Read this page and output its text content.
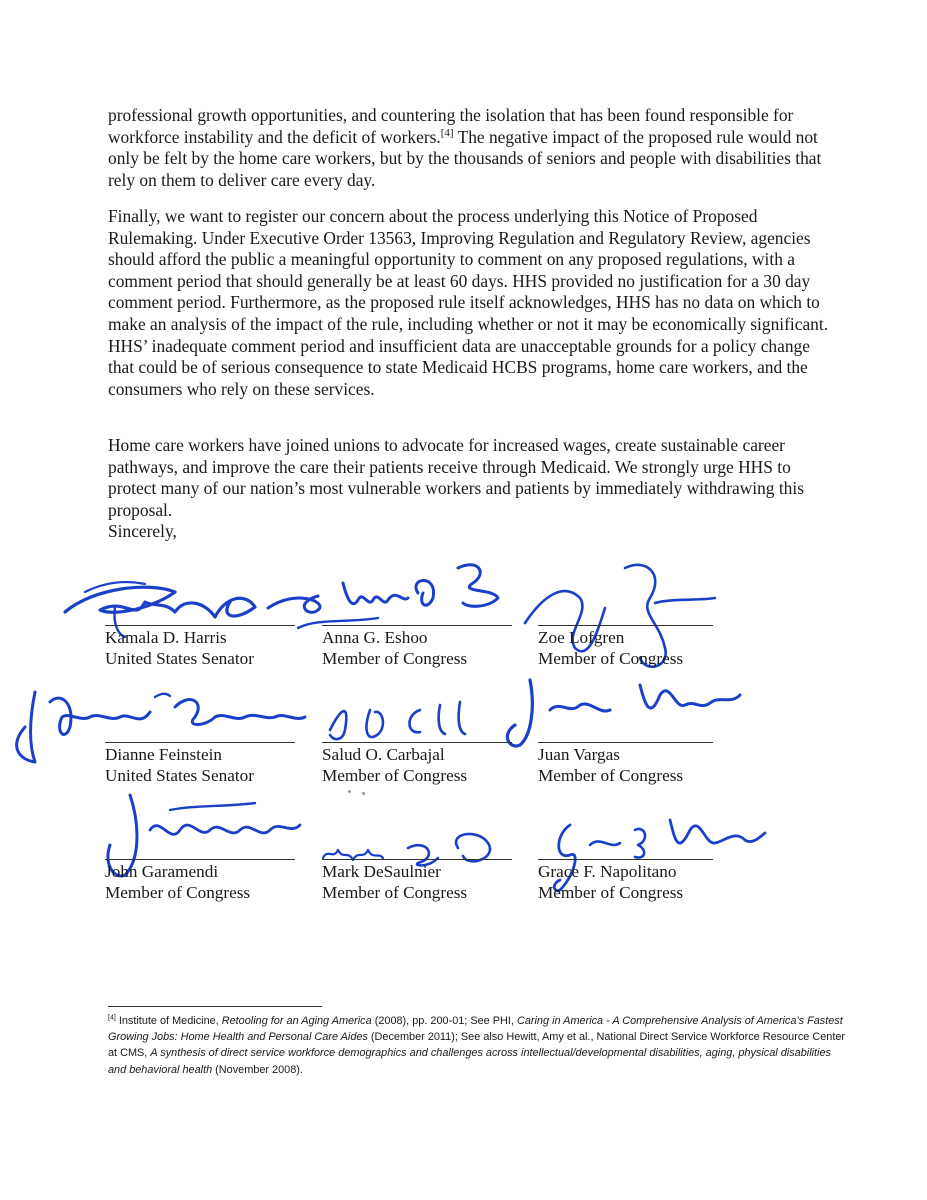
professional growth opportunities, and countering the isolation that has been found responsible for workforce instability and the deficit of workers.[4] The negative impact of the proposed rule would not only be felt by the home care workers, but by the thousands of seniors and people with disabilities that rely on them to deliver care every day.

Finally, we want to register our concern about the process underlying this Notice of Proposed Rulemaking. Under Executive Order 13563, Improving Regulation and Regulatory Review, agencies should afford the public a meaningful opportunity to comment on any proposed regulations, with a comment period that should generally be at least 60 days. HHS provided no justification for a 30 day comment period. Furthermore, as the proposed rule itself acknowledges, HHS has no data on which to make an analysis of the impact of the rule, including whether or not it may be economically significant. HHS’ inadequate comment period and insufficient data are unacceptable grounds for a policy change that could be of serious consequence to state Medicaid HCBS programs, home care workers, and the consumers who rely on these services.

Home care workers have joined unions to advocate for increased wages, create sustainable career pathways, and improve the care their patients receive through Medicaid. We strongly urge HHS to protect many of our nation’s most vulnerable workers and patients by immediately withdrawing this proposal.

Sincerely,
Kamala D. Harris
United States Senator
Anna G. Eshoo
Member of Congress
Zoe Lofgren
Member of Congress
Dianne Feinstein
United States Senator
Salud O. Carbajal
Member of Congress
Juan Vargas
Member of Congress
John Garamendi
Member of Congress
Mark DeSaulnier
Member of Congress
Grace F. Napolitano
Member of Congress
[4] Institute of Medicine, Retooling for an Aging America (2008), pp. 200-01; See PHI, Caring in America - A Comprehensive Analysis of America’s Fastest Growing Jobs: Home Health and Personal Care Aides (December 2011); See also Hewitt, Amy et al., National Direct Service Workforce Resource Center at CMS, A synthesis of direct service workforce demographics and challenges across intellectual/developmental disabilities, aging, physical disabilities and behavioral health (November 2008).
